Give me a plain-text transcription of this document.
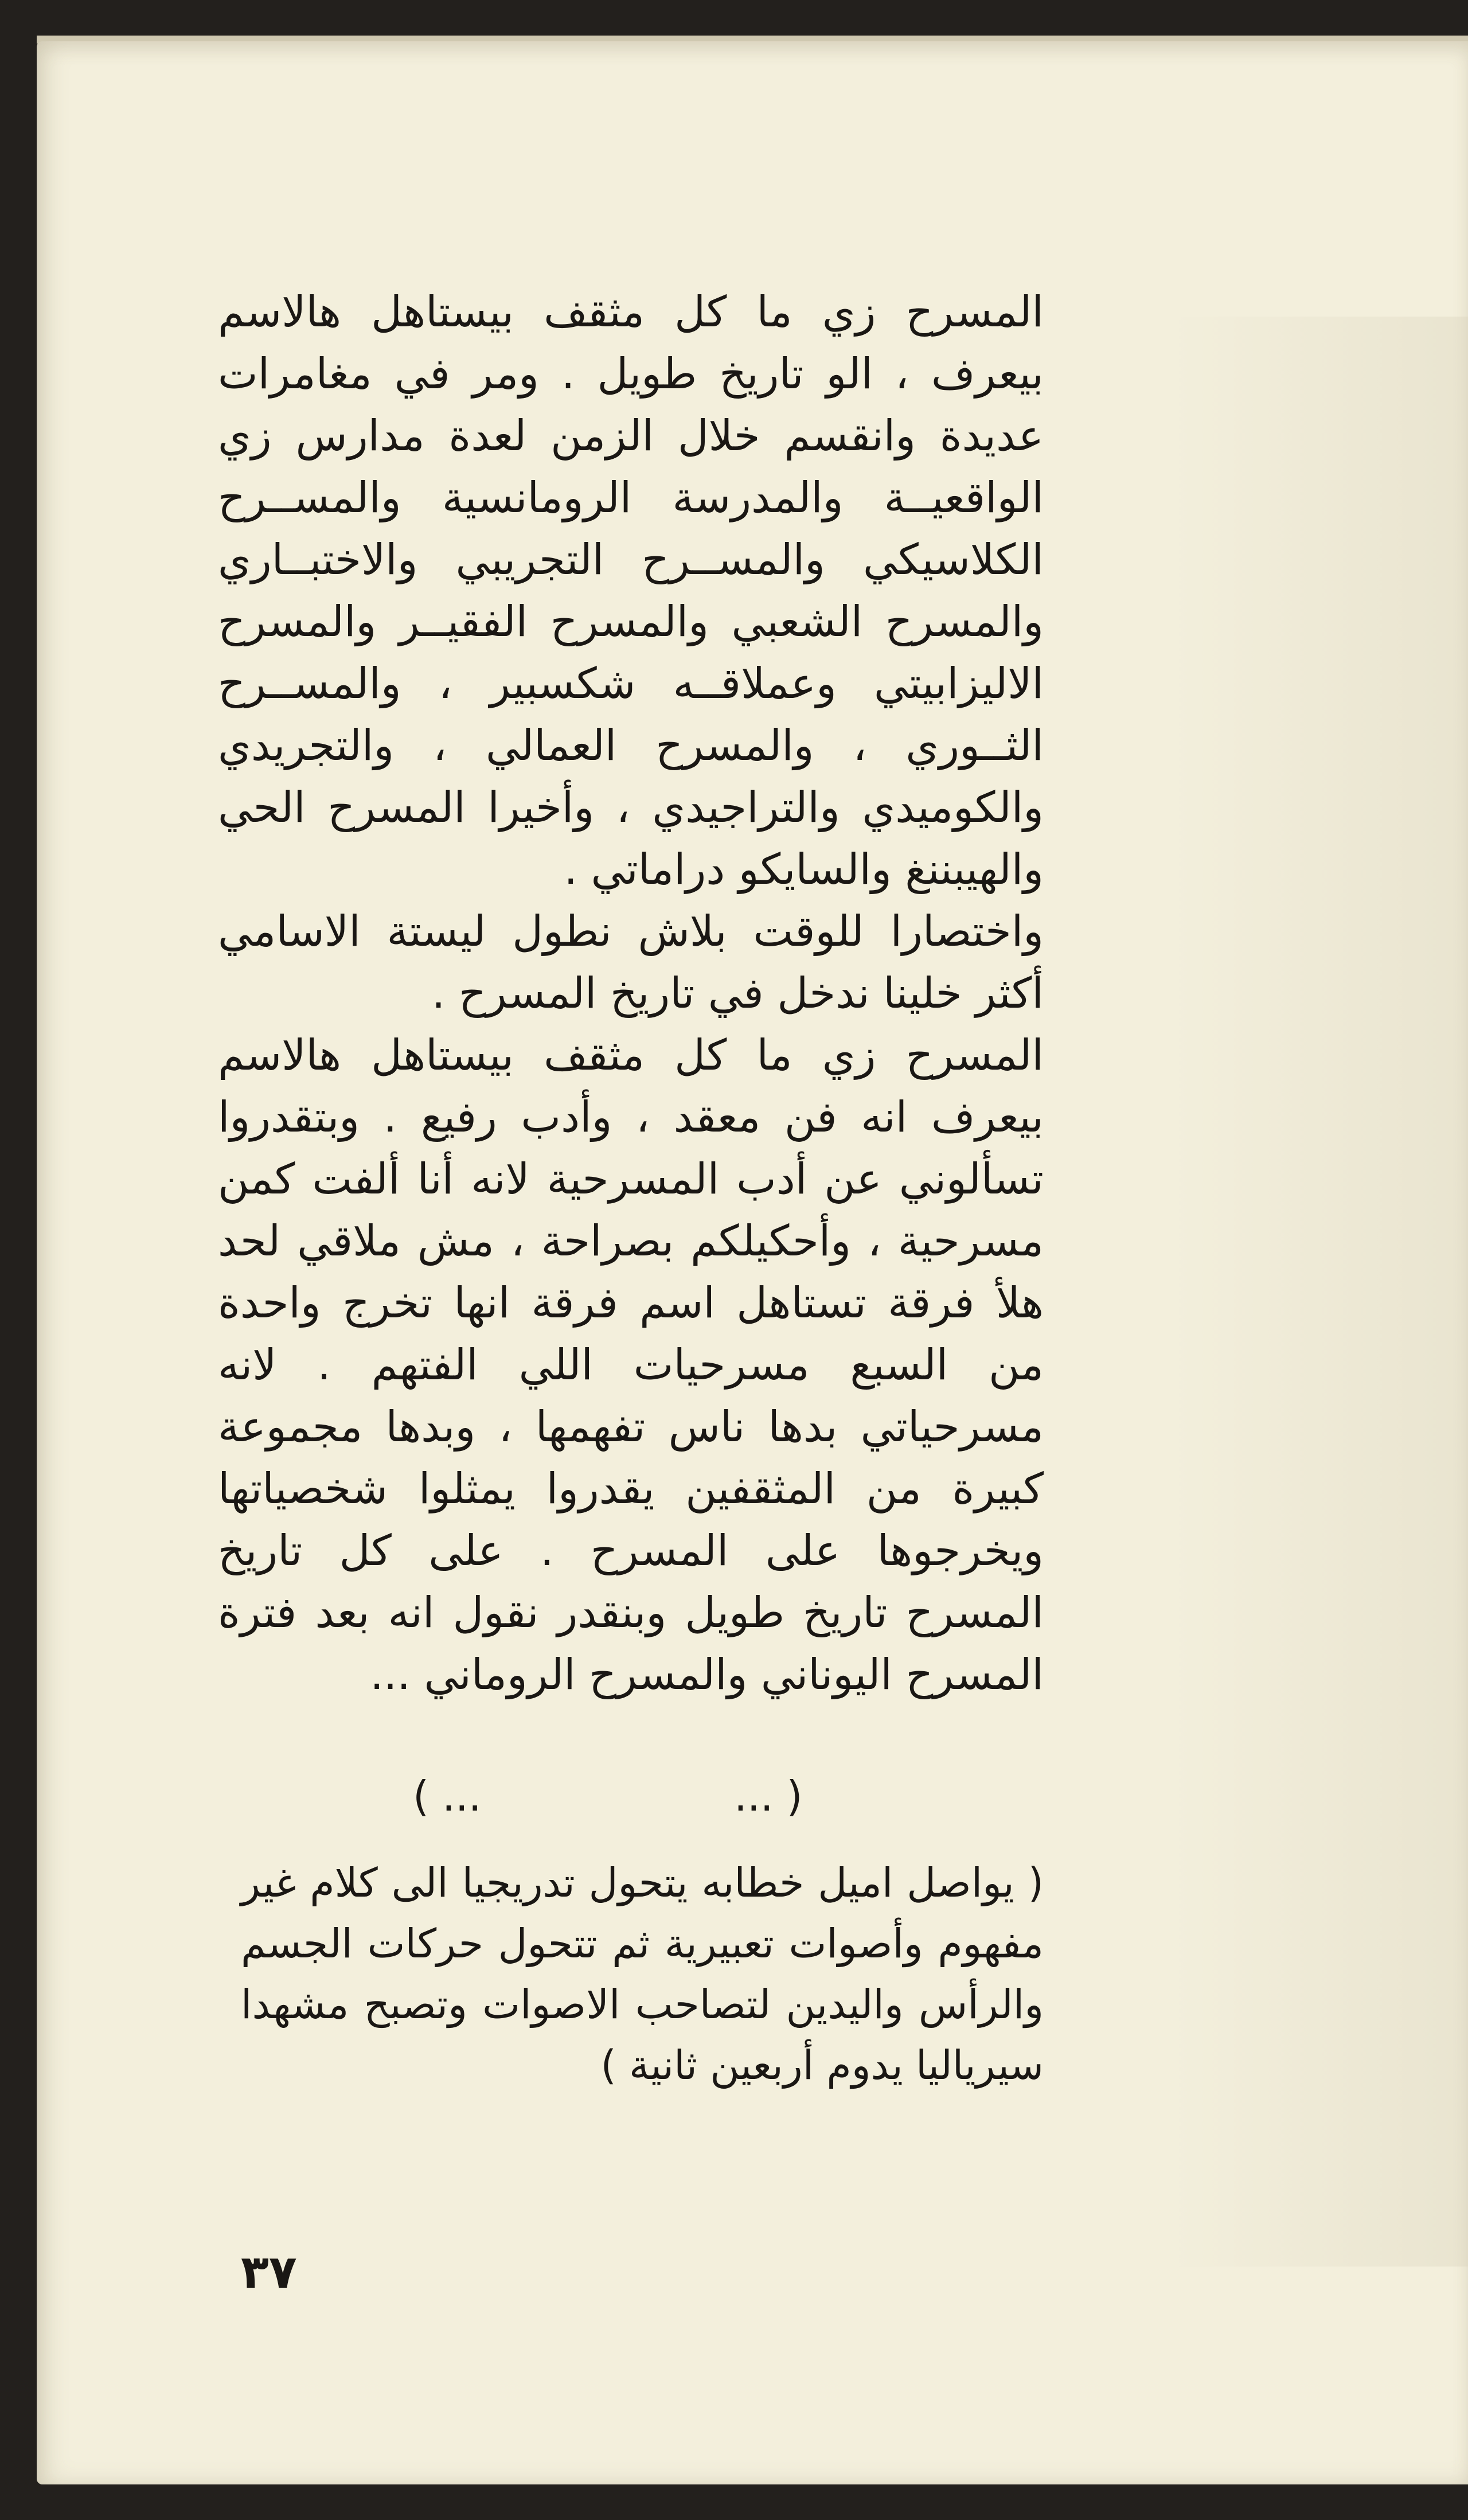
المسرح زي ما كل مثقف بيستاهل هالاسم بيعرف ، الو تاريخ طويل . ومر في مغامرات عديدة وانقسم خلال الزمن لعدة مدارس زي الواقعيــة والمدرسة الرومانسية والمســرح الكلاسيكي والمســرح التجريبي والاختبــاري والمسرح الشعبي والمسرح الفقيــر والمسرح الاليزابيتي وعملاقــه شكسبير ، والمســرح الثــوري ، والمسرح العمالي ، والتجريدي والكوميدي والتراجيدي ، وأخيرا المسرح الحي والهيبننغ والسايكو دراماتي .

واختصارا للوقت بلاش نطول ليستة الاسامي أكثر خلينا ندخل في تاريخ المسرح .

المسرح زي ما كل مثقف بيستاهل هالاسم بيعرف انه فن معقد ، وأدب رفيع . وبتقدروا تسألوني عن أدب المسرحية لانه أنا ألفت كمن مسرحية ، وأحكيلكم بصراحة ، مش ملاقي لحد هلأ فرقة تستاهل اسم فرقة انها تخرج واحدة من السبع مسرحيات اللي الفتهم . لانه مسرحياتي بدها ناس تفهمها ، وبدها مجموعة كبيرة من المثقفين يقدروا يمثلوا شخصياتها ويخرجوها على المسرح . على كل تاريخ المسرح تاريخ طويل وبنقدر نقول انه بعد فترة المسرح اليوناني والمسرح الروماني ...

( ...	... )
( يواصل اميل خطابه يتحول تدريجيا الى كلام غير مفهوم وأصوات تعبيرية ثم تتحول حركات الجسم والرأس واليدين لتصاحب الاصوات وتصبح مشهدا سيرياليا يدوم أربعين ثانية )
٣٧
